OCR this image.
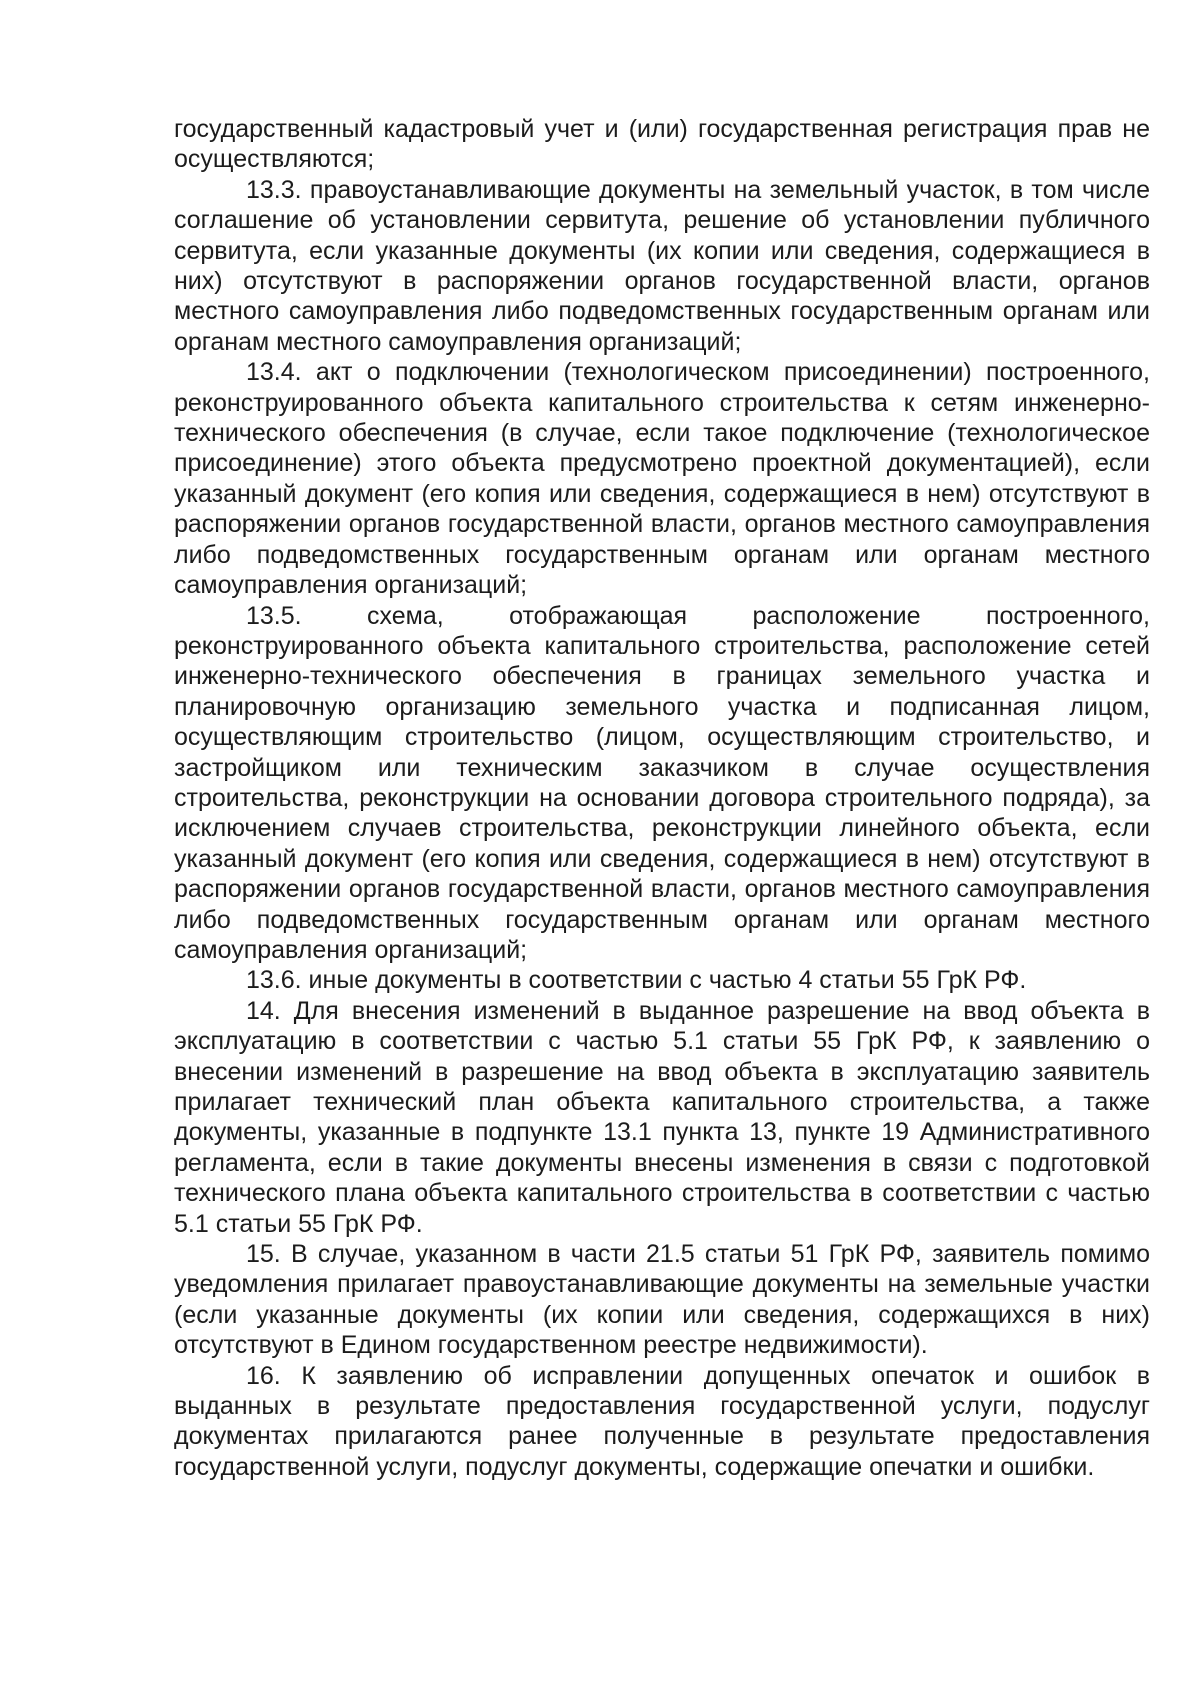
государственный кадастровый учет и (или) государственная регистрация прав не осуществляются;

13.3. правоустанавливающие документы на земельный участок, в том числе соглашение об установлении сервитута, решение об установлении публичного сервитута, если указанные документы (их копии или сведения, содержащиеся в них) отсутствуют в распоряжении органов государственной власти, органов местного самоуправления либо подведомственных государственным органам или органам местного самоуправления организаций;

13.4. акт о подключении (технологическом присоединении) построенного, реконструированного объекта капитального строительства к сетям инженерно-технического обеспечения (в случае, если такое подключение (технологическое присоединение) этого объекта предусмотрено проектной документацией), если указанный документ (его копия или сведения, содержащиеся в нем) отсутствуют в распоряжении органов государственной власти, органов местного самоуправления либо подведомственных государственным органам или органам местного самоуправления организаций;

13.5. схема, отображающая расположение построенного, реконструированного объекта капитального строительства, расположение сетей инженерно-технического обеспечения в границах земельного участка и планировочную организацию земельного участка и подписанная лицом, осуществляющим строительство (лицом, осуществляющим строительство, и застройщиком или техническим заказчиком в случае осуществления строительства, реконструкции на основании договора строительного подряда), за исключением случаев строительства, реконструкции линейного объекта, если указанный документ (его копия или сведения, содержащиеся в нем) отсутствуют в распоряжении органов государственной власти, органов местного самоуправления либо подведомственных государственным органам или органам местного самоуправления организаций;

13.6. иные документы в соответствии с частью 4 статьи 55 ГрК РФ.

14. Для внесения изменений в выданное разрешение на ввод объекта в эксплуатацию в соответствии с частью 5.1 статьи 55 ГрК РФ, к заявлению о внесении изменений в разрешение на ввод объекта в эксплуатацию заявитель прилагает технический план объекта капитального строительства, а также документы, указанные в подпункте 13.1 пункта 13, пункте 19 Административного регламента, если в такие документы внесены изменения в связи с подготовкой технического плана объекта капитального строительства в соответствии с частью 5.1 статьи 55 ГрК РФ.

15. В случае, указанном в части 21.5 статьи 51 ГрК РФ, заявитель помимо уведомления прилагает правоустанавливающие документы на земельные участки (если указанные документы (их копии или сведения, содержащихся в них) отсутствуют в Едином государственном реестре недвижимости).

16. К заявлению об исправлении допущенных опечаток и ошибок в выданных в результате предоставления государственной услуги, подуслуг документах прилагаются ранее полученные в результате предоставления государственной услуги, подуслуг документы, содержащие опечатки и ошибки.
